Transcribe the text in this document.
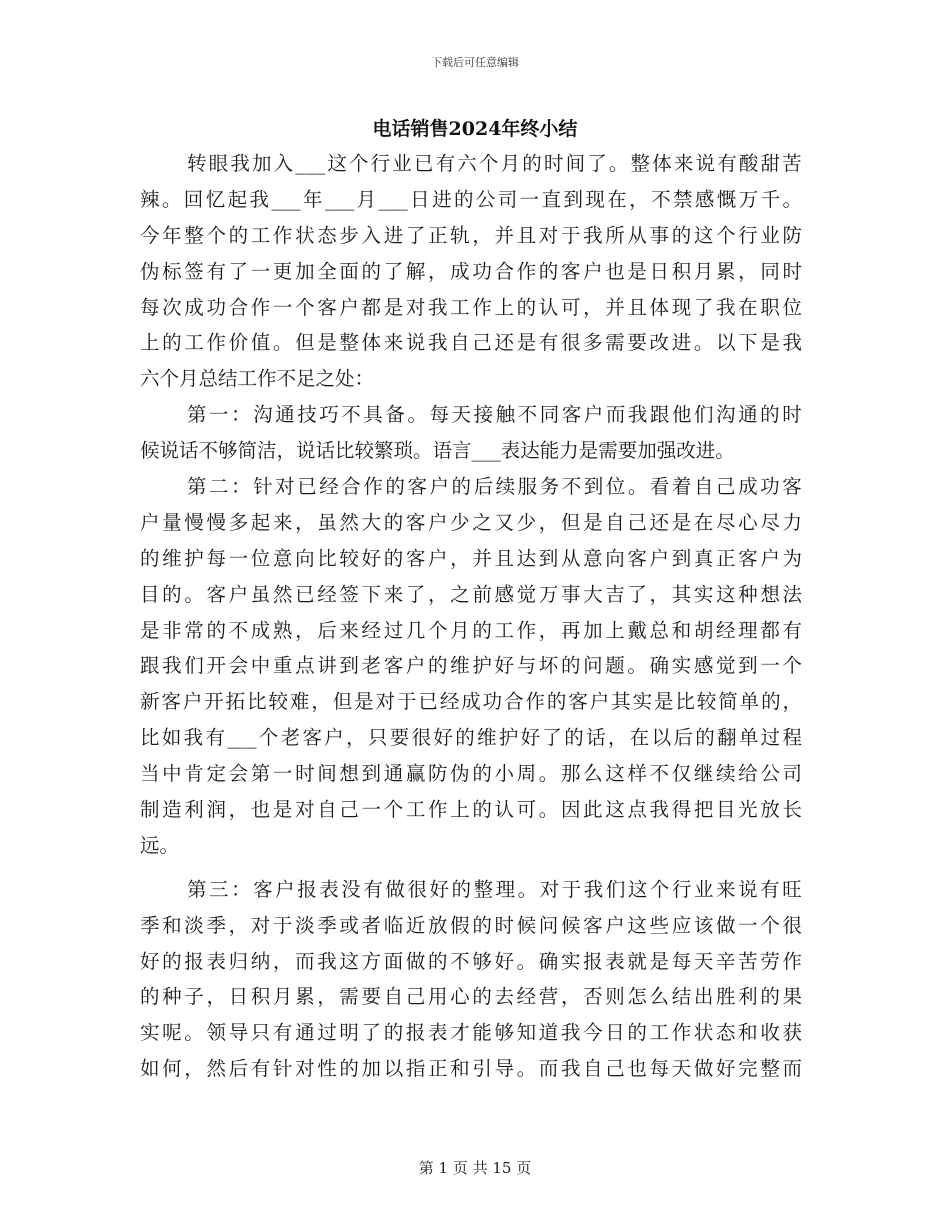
下载后可任意编辑
电话销售2024年终小结
转眼我加入___这个行业已有六个月的时间了。整体来说有酸甜苦
辣。回忆起我___年___月___日进的公司一直到现在，不禁感慨万千。
今年整个的工作状态步入进了正轨，并且对于我所从事的这个行业防
伪标签有了一更加全面的了解，成功合作的客户也是日积月累，同时
每次成功合作一个客户都是对我工作上的认可，并且体现了我在职位
上的工作价值。但是整体来说我自己还是有很多需要改进。以下是我
六个月总结工作不足之处：
第一：沟通技巧不具备。每天接触不同客户而我跟他们沟通的时
候说话不够简洁，说话比较繁琐。语言___表达能力是需要加强改进。
第二：针对已经合作的客户的后续服务不到位。看着自己成功客
户量慢慢多起来，虽然大的客户少之又少，但是自己还是在尽心尽力
的维护每一位意向比较好的客户，并且达到从意向客户到真正客户为
目的。客户虽然已经签下来了，之前感觉万事大吉了，其实这种想法
是非常的不成熟，后来经过几个月的工作，再加上戴总和胡经理都有
跟我们开会中重点讲到老客户的维护好与坏的问题。确实感觉到一个
新客户开拓比较难，但是对于已经成功合作的客户其实是比较简单的，
比如我有___个老客户，只要很好的维护好了的话，在以后的翻单过程
当中肯定会第一时间想到通赢防伪的小周。那么这样不仅继续给公司
制造利润，也是对自己一个工作上的认可。因此这点我得把目光放长
远。
第三：客户报表没有做很好的整理。对于我们这个行业来说有旺
季和淡季，对于淡季或者临近放假的时候问候客户这些应该做一个很
好的报表归纳，而我这方面做的不够好。确实报表就是每天辛苦劳作
的种子，日积月累，需要自己用心的去经营，否则怎么结出胜利的果
实呢。领导只有通过明了的报表才能够知道我今日的工作状态和收获
如何，然后有针对性的加以指正和引导。而我自己也每天做好完整而
第 1 页 共 15 页
